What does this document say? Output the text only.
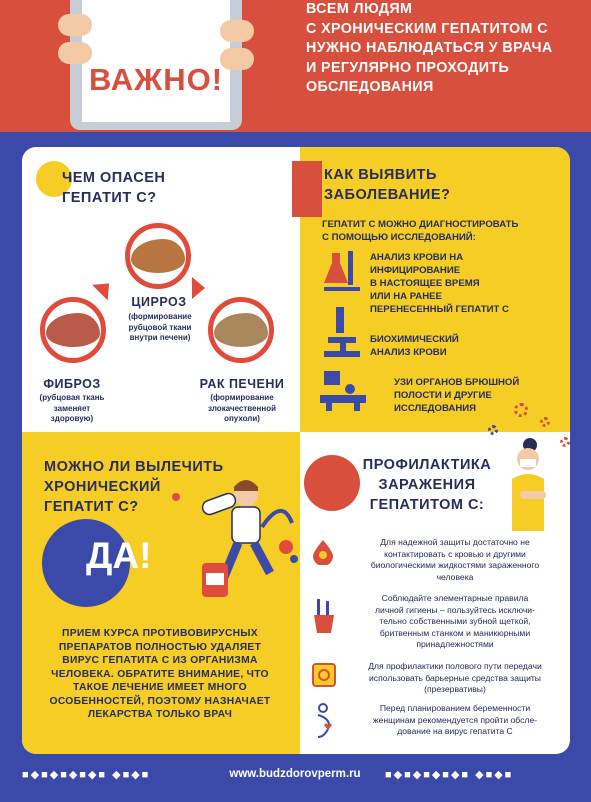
ВАЖНО!
ВСЕМ ЛЮДЯМ
С ХРОНИЧЕСКИМ ГЕПАТИТОМ С
НУЖНО НАБЛЮДАТЬСЯ У ВРАЧА
И РЕГУЛЯРНО ПРОХОДИТЬ
ОБСЛЕДОВАНИЯ
ЧЕМ ОПАСЕН
ГЕПАТИТ С?
ЦИРРОЗ
(формирование
рубцовой ткани
внутри печени)
ФИБРОЗ
(рубцовая ткань
заменяет
здоровую)
РАК ПЕЧЕНИ
(формирование
злокачественной
опухоли)
КАК ВЫЯВИТЬ
ЗАБОЛЕВАНИЕ?
ГЕПАТИТ С МОЖНО ДИАГНОСТИРОВАТЬ
С ПОМОЩЬЮ ИССЛЕДОВАНИЙ:
АНАЛИЗ КРОВИ НА
ИНФИЦИРОВАНИЕ
В НАСТОЯЩЕЕ ВРЕМЯ
ИЛИ НА РАНЕЕ
ПЕРЕНЕСЕННЫЙ ГЕПАТИТ С
БИОХИМИЧЕСКИЙ
АНАЛИЗ КРОВИ
УЗИ ОРГАНОВ БРЮШНОЙ
ПОЛОСТИ И ДРУГИЕ
ИССЛЕДОВАНИЯ
МОЖНО ЛИ ВЫЛЕЧИТЬ
ХРОНИЧЕСКИЙ
ГЕПАТИТ С?
ДА!
ПРИЕМ КУРСА ПРОТИВОВИРУСНЫХ
ПРЕПАРАТОВ ПОЛНОСТЬЮ УДАЛЯЕТ
ВИРУС ГЕПАТИТА С ИЗ ОРГАНИЗМА
ЧЕЛОВЕКА. ОБРАТИТЕ ВНИМАНИЕ, ЧТО
ТАКОЕ ЛЕЧЕНИЕ ИМЕЕТ МНОГО
ОСОБЕННОСТЕЙ, ПОЭТОМУ НАЗНАЧАЕТ
ЛЕКАРСТВА ТОЛЬКО ВРАЧ
ПРОФИЛАКТИКА
ЗАРАЖЕНИЯ
ГЕПАТИТОМ С:
Для надежной защиты достаточно не
контактировать с кровью и другими
биологическими жидкостями зараженного
человека
Соблюдайте элементарные правила
личной гигиены – пользуйтесь исключи-
тельно собственными зубной щеткой,
бритвенным станком и маникюрными
принадлежностями
Для профилактики полового пути передачи
использовать барьерные средства защиты
(презервативы)
Перед планированием беременности
женщинам рекомендуется пройти обсле-
дование на вирус гепатита С
■◆■◆■◆■◆■ ◆■◆■	www.budzdorovperm.ru	■◆■◆■◆■◆■ ◆■◆■
